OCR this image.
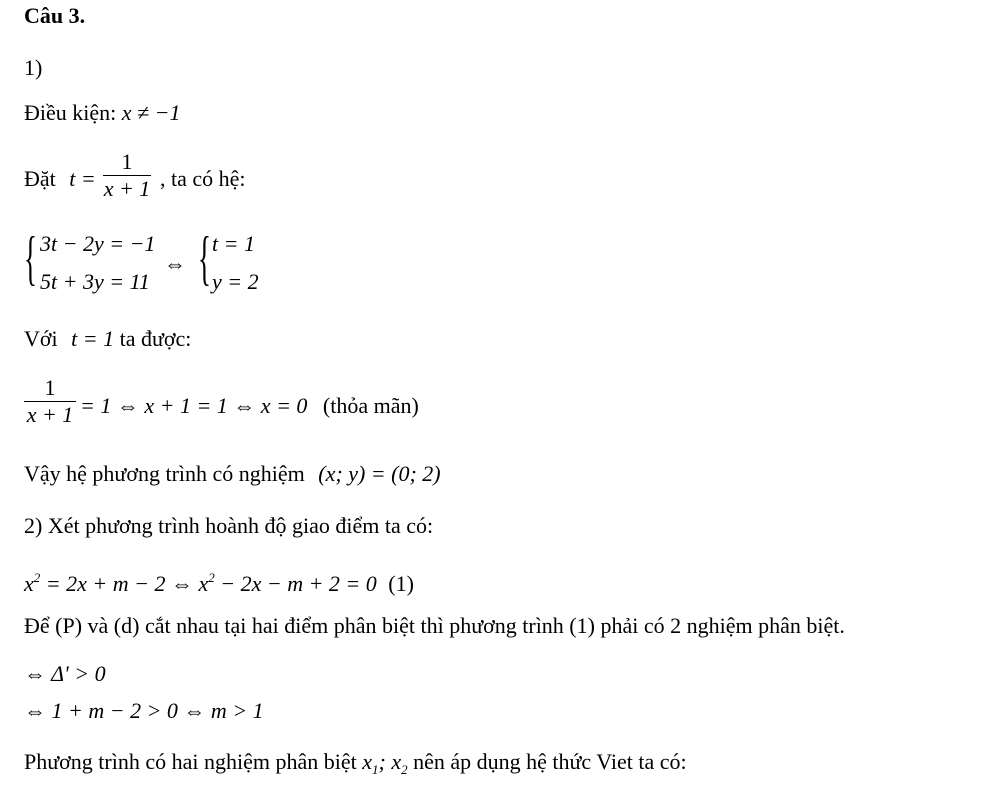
Câu 3.
1)
Điều kiện: x ≠ −1
Đặt t =
1
x + 1 , ta có hệ:
{ 3t − 2y = −1
5t + 3y = 11
⇔ { t = 1
y = 2
Với t = 1 ta được:
1
x + 1 = 1 ⇔ x + 1 = 1 ⇔ x = 0 (thỏa mãn)
Vậy hệ phương trình có nghiệm (x; y) = (0; 2)
2) Xét phương trình hoành độ giao điểm ta có:
$x^2 = 2x + m - 2$ ⇔ $x^2 - 2x - m + 2 = 0$ (1)
Để (P) và (d) cắt nhau tại hai điểm phân biệt thì phương trình (1) phải có 2 nghiệm phân biệt.
⇔ Δ' > 0
⇔ 1 + m − 2 > 0 ⇔ m > 1
Phương trình có hai nghiệm phân biệt $x_1$; $x_2$ nên áp dụng hệ thức Viet ta có:
